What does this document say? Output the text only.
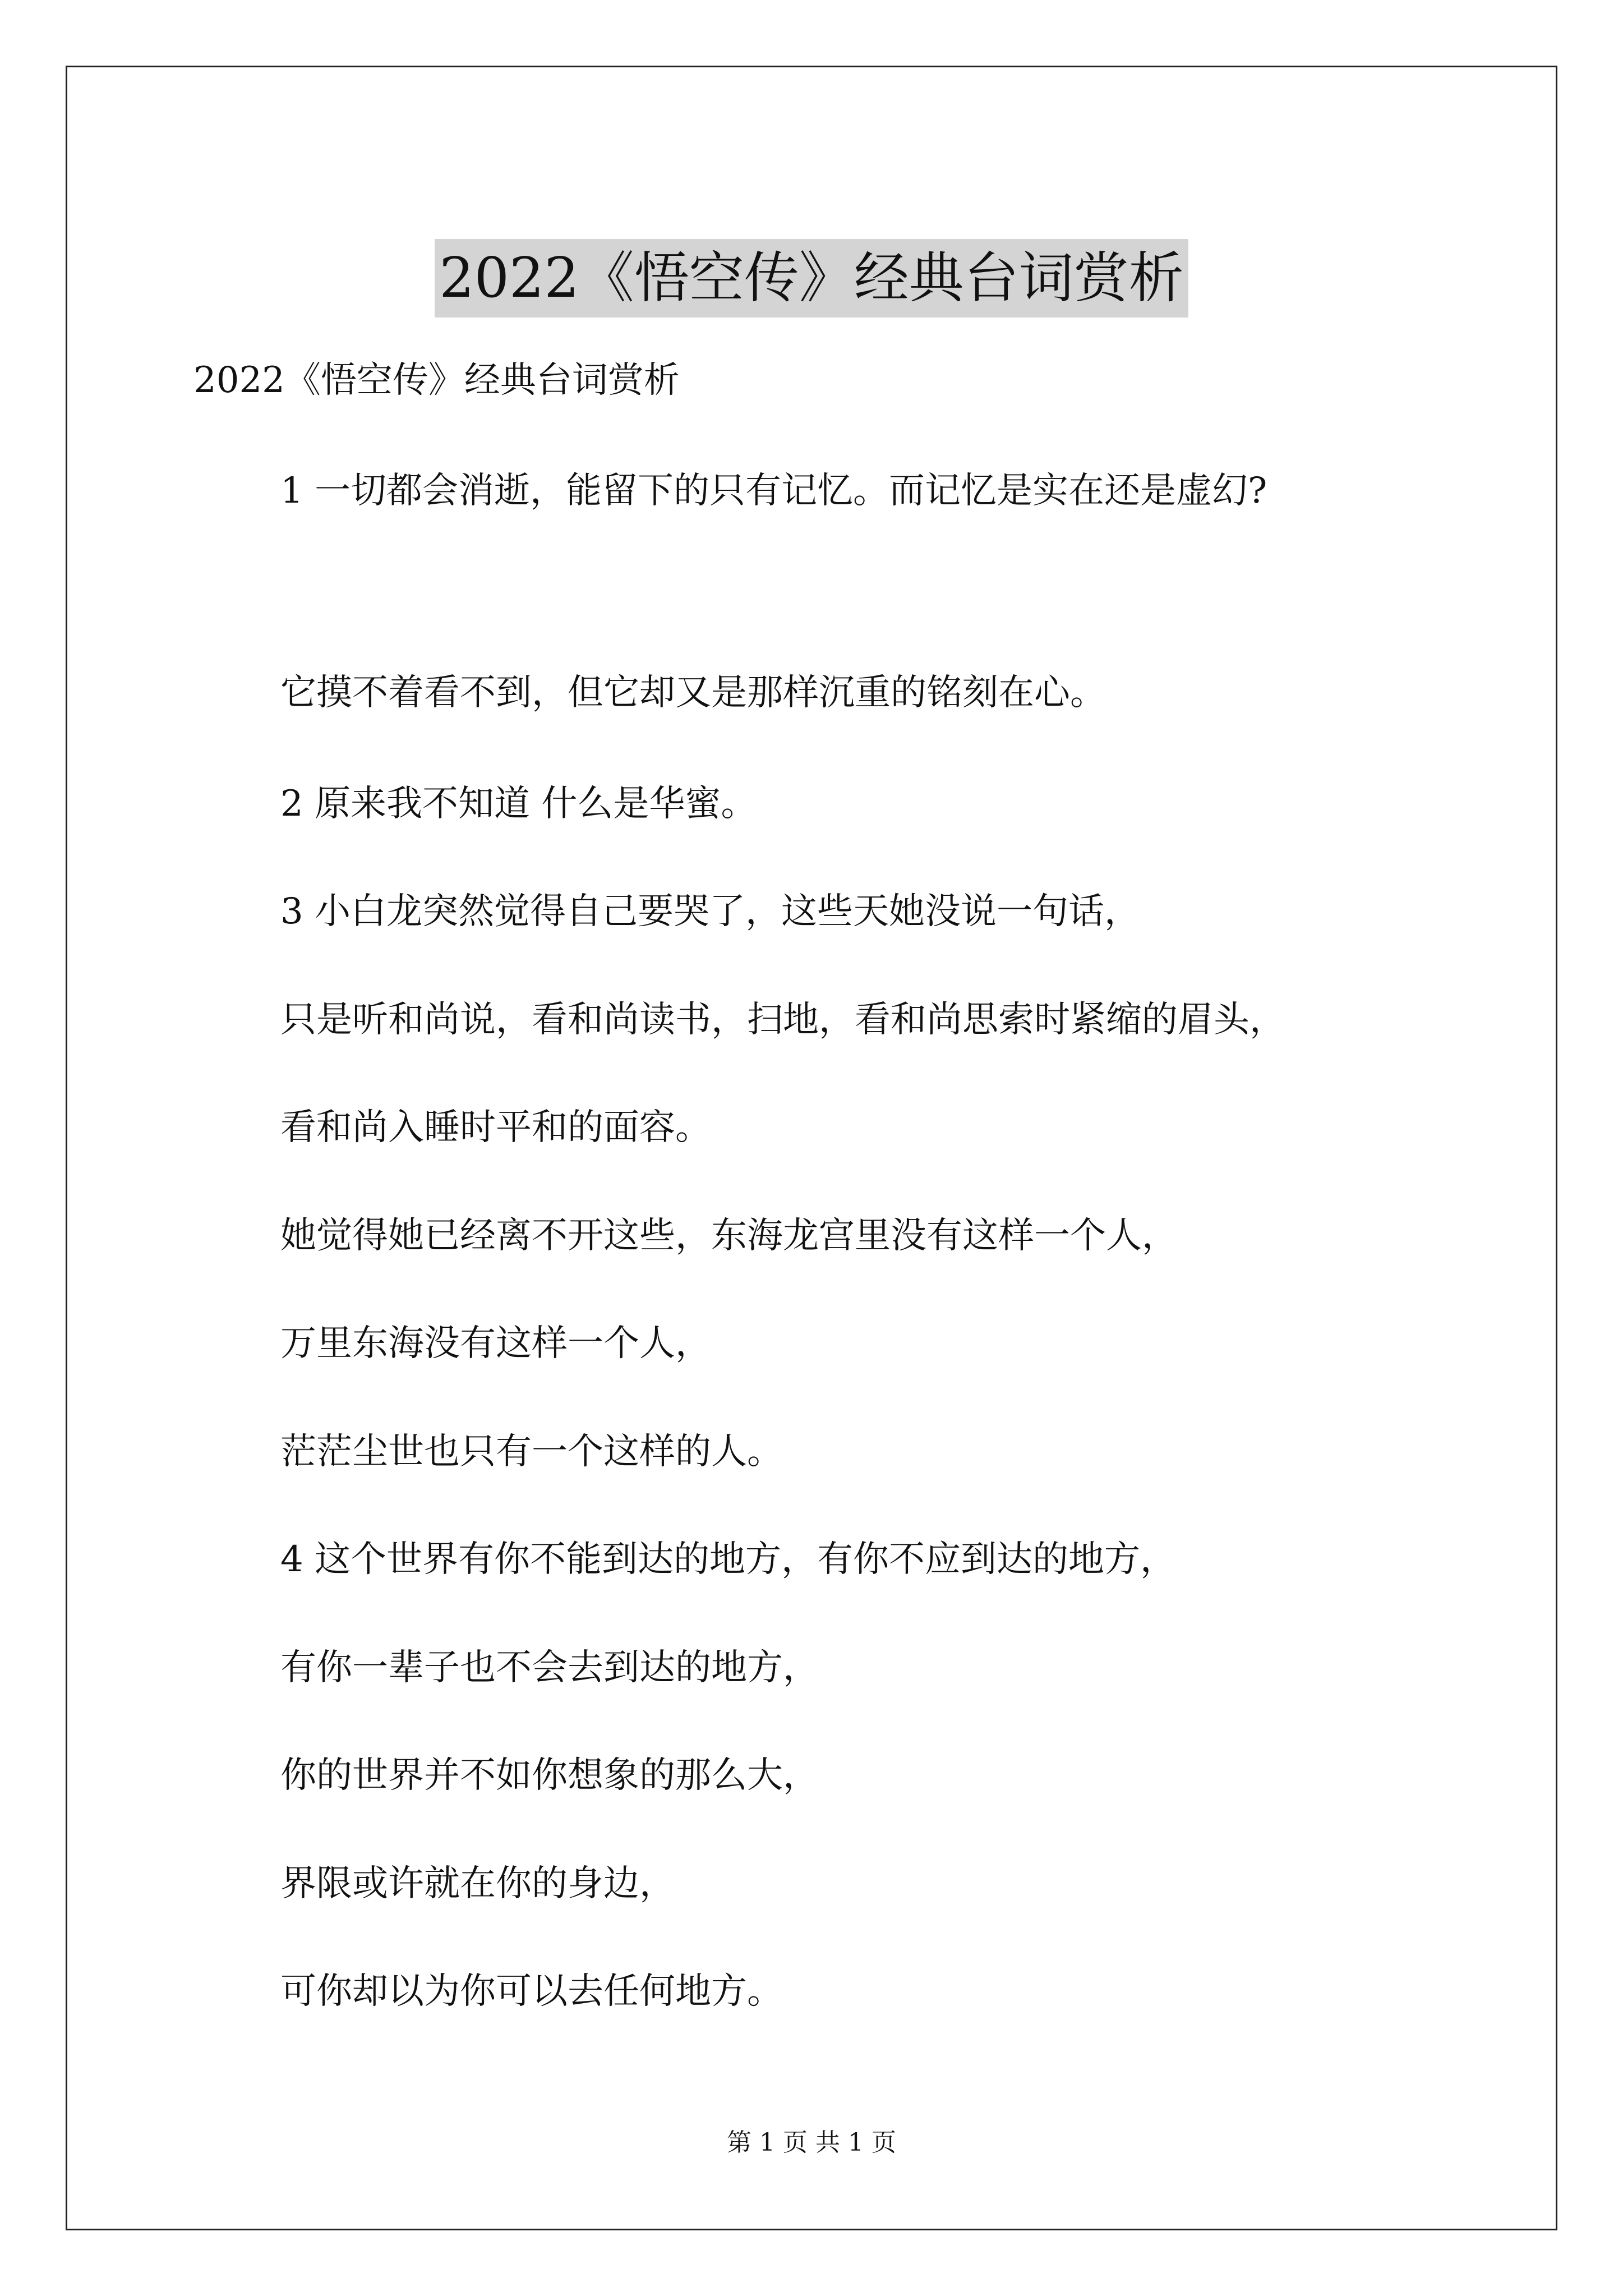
2022《悟空传》经典台词赏析
2022《悟空传》经典台词赏析
1 一切都会消逝，能留下的只有记忆。而记忆是实在还是虚幻?
它摸不着看不到，但它却又是那样沉重的铭刻在心。
2 原来我不知道 什么是华蜜。
3 小白龙突然觉得自己要哭了，这些天她没说一句话，
只是听和尚说，看和尚读书，扫地，看和尚思索时紧缩的眉头，
看和尚入睡时平和的面容。
她觉得她已经离不开这些，东海龙宫里没有这样一个人，
万里东海没有这样一个人，
茫茫尘世也只有一个这样的人。
4 这个世界有你不能到达的地方，有你不应到达的地方，
有你一辈子也不会去到达的地方，
你的世界并不如你想象的那么大，
界限或许就在你的身边，
可你却以为你可以去任何地方。
第 1 页 共 1 页
